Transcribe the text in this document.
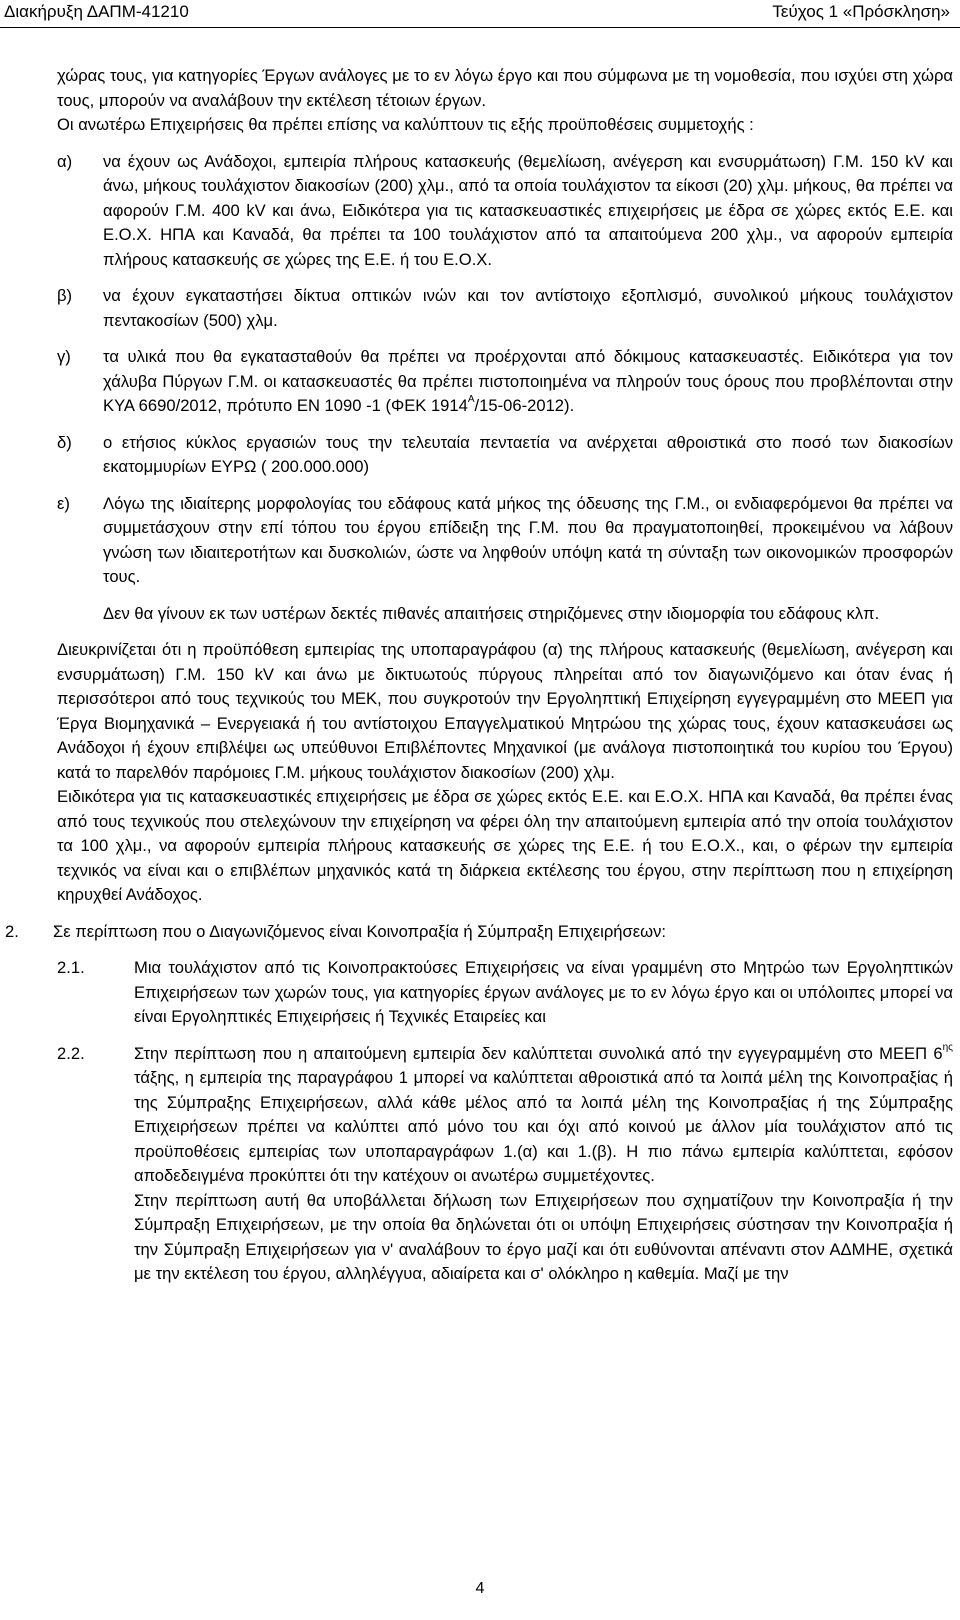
Διακήρυξη ΔΑΠΜ-41210	Τεύχος 1 «Πρόσκληση»

χώρας τους, για κατηγορίες Έργων ανάλογες με το εν λόγω έργο και που σύμφωνα με τη νομοθεσία, που ισχύει στη χώρα τους, μπορούν να αναλάβουν την εκτέλεση τέτοιων έργων.

Οι ανωτέρω Επιχειρήσεις θα πρέπει επίσης να καλύπτουν τις εξής προϋποθέσεις συμμετοχής :

α) να έχουν ως Ανάδοχοι, εμπειρία πλήρους κατασκευής (θεμελίωση, ανέγερση και ενσυρμάτωση) Γ.Μ. 150 kV και άνω, μήκους τουλάχιστον διακοσίων (200) χλμ., από τα οποία τουλάχιστον τα είκοσι (20) χλμ. μήκους, θα πρέπει να αφορούν Γ.Μ. 400 kV και άνω, Ειδικότερα για τις κατασκευαστικές επιχειρήσεις με έδρα σε χώρες εκτός Ε.Ε. και Ε.Ο.Χ. ΗΠΑ και Καναδά, θα πρέπει τα 100 τουλάχιστον από τα απαιτούμενα 200 χλμ., να αφορούν εμπειρία πλήρους κατασκευής σε χώρες της Ε.Ε. ή του Ε.Ο.Χ.

β) να έχουν εγκαταστήσει δίκτυα οπτικών ινών και τον αντίστοιχο εξοπλισμό, συνολικού μήκους τουλάχιστον πεντακοσίων (500) χλμ.

γ) τα υλικά που θα εγκατασταθούν θα πρέπει να προέρχονται από δόκιμους κατασκευαστές. Ειδικότερα για τον χάλυβα Πύργων Γ.Μ. οι κατασκευαστές θα πρέπει πιστοποιημένα να πληρούν τους όρους που προβλέπονται στην ΚΥΑ 6690/2012, πρότυπο ΕΝ 1090 -1 (ΦΕΚ $1914^A/15-06-2012$).

δ) ο ετήσιος κύκλος εργασιών τους την τελευταία πενταετία να ανέρχεται αθροιστικά στο ποσό των διακοσίων εκατομμυρίων ΕΥΡΩ ( 200.000.000)

ε) Λόγω της ιδιαίτερης μορφολογίας του εδάφους κατά μήκος της όδευσης της Γ.Μ., οι ενδιαφερόμενοι θα πρέπει να συμμετάσχουν στην επί τόπου του έργου επίδειξη της Γ.Μ. που θα πραγματοποιηθεί, προκειμένου να λάβουν γνώση των ιδιαιτεροτήτων και δυσκολιών, ώστε να ληφθούν υπόψη κατά τη σύνταξη των οικονομικών προσφορών τους.

Δεν θα γίνουν εκ των υστέρων δεκτές πιθανές απαιτήσεις στηριζόμενες στην ιδιομορφία του εδάφους κλπ.

Διευκρινίζεται ότι η προϋπόθεση εμπειρίας της υποπαραγράφου (α) της πλήρους κατασκευής (θεμελίωση, ανέγερση και ενσυρμάτωση) Γ.Μ. 150 kV και άνω με δικτυωτούς πύργους πληρείται από τον διαγωνιζόμενο και όταν ένας ή περισσότεροι από τους τεχνικούς του ΜΕΚ, που συγκροτούν την Εργοληπτική Επιχείρηση εγγεγραμμένη στο ΜΕΕΠ για Έργα Βιομηχανικά – Ενεργειακά ή του αντίστοιχου Επαγγελματικού Μητρώου της χώρας τους, έχουν κατασκευάσει ως Ανάδοχοι ή έχουν επιβλέψει ως υπεύθυνοι Επιβλέποντες Μηχανικοί (με ανάλογα πιστοποιητικά του κυρίου του Έργου) κατά το παρελθόν παρόμοιες Γ.Μ. μήκους τουλάχιστον διακοσίων (200) χλμ.

Ειδικότερα για τις κατασκευαστικές επιχειρήσεις με έδρα σε χώρες εκτός Ε.Ε. και Ε.Ο.Χ. ΗΠΑ και Καναδά, θα πρέπει ένας από τους τεχνικούς που στελεχώνουν την επιχείρηση να φέρει όλη την απαιτούμενη εμπειρία από την οποία τουλάχιστον τα 100 χλμ., να αφορούν εμπειρία πλήρους κατασκευής σε χώρες της Ε.Ε. ή του Ε.Ο.Χ., και, ο φέρων την εμπειρία τεχνικός να είναι και ο επιβλέπων μηχανικός κατά τη διάρκεια εκτέλεσης του έργου, στην περίπτωση που η επιχείρηση κηρυχθεί Ανάδοχος.

2. Σε περίπτωση που ο Διαγωνιζόμενος είναι Κοινοπραξία ή Σύμπραξη Επιχειρήσεων:

2.1.	Μια τουλάχιστον από τις Κοινοπρακτούσες Επιχειρήσεις να είναι γραμμένη στο Μητρώο των Εργοληπτικών Επιχειρήσεων των χωρών τους, για κατηγορίες έργων ανάλογες με το εν λόγω έργο και οι υπόλοιπες μπορεί να είναι Εργοληπτικές Επιχειρήσεις ή Τεχνικές Εταιρείες και

2.2.	Στην περίπτωση που η απαιτούμενη εμπειρία δεν καλύπτεται συνολικά από την εγγεγραμμένη στο ΜΕΕΠ $6^{\eta\varsigma}$ τάξης, η εμπειρία της παραγράφου 1 μπορεί να καλύπτεται αθροιστικά από τα λοιπά μέλη της Κοινοπραξίας ή της Σύμπραξης Επιχειρήσεων, αλλά κάθε μέλος από τα λοιπά μέλη της Κοινοπραξίας ή της Σύμπραξης Επιχειρήσεων πρέπει να καλύπτει από μόνο του και όχι από κοινού με άλλον μία τουλάχιστον από τις προϋποθέσεις εμπειρίας των υποπαραγράφων 1.(α) και 1.(β). Η πιο πάνω εμπειρία καλύπτεται, εφόσον αποδεδειγμένα προκύπτει ότι την κατέχουν οι ανωτέρω συμμετέχοντες.

Στην περίπτωση αυτή θα υποβάλλεται δήλωση των Επιχειρήσεων που σχηματίζουν την Κοινοπραξία ή την Σύμπραξη Επιχειρήσεων, με την οποία θα δηλώνεται ότι οι υπόψη Επιχειρήσεις σύστησαν την Κοινοπραξία ή την Σύμπραξη Επιχειρήσεων για ν' αναλάβουν το έργο μαζί και ότι ευθύνονται απέναντι στον ΑΔΜΗΕ, σχετικά με την εκτέλεση του έργου, αλληλέγγυα, αδιαίρετα και σ' ολόκληρο η καθεμία. Μαζί με την

4
